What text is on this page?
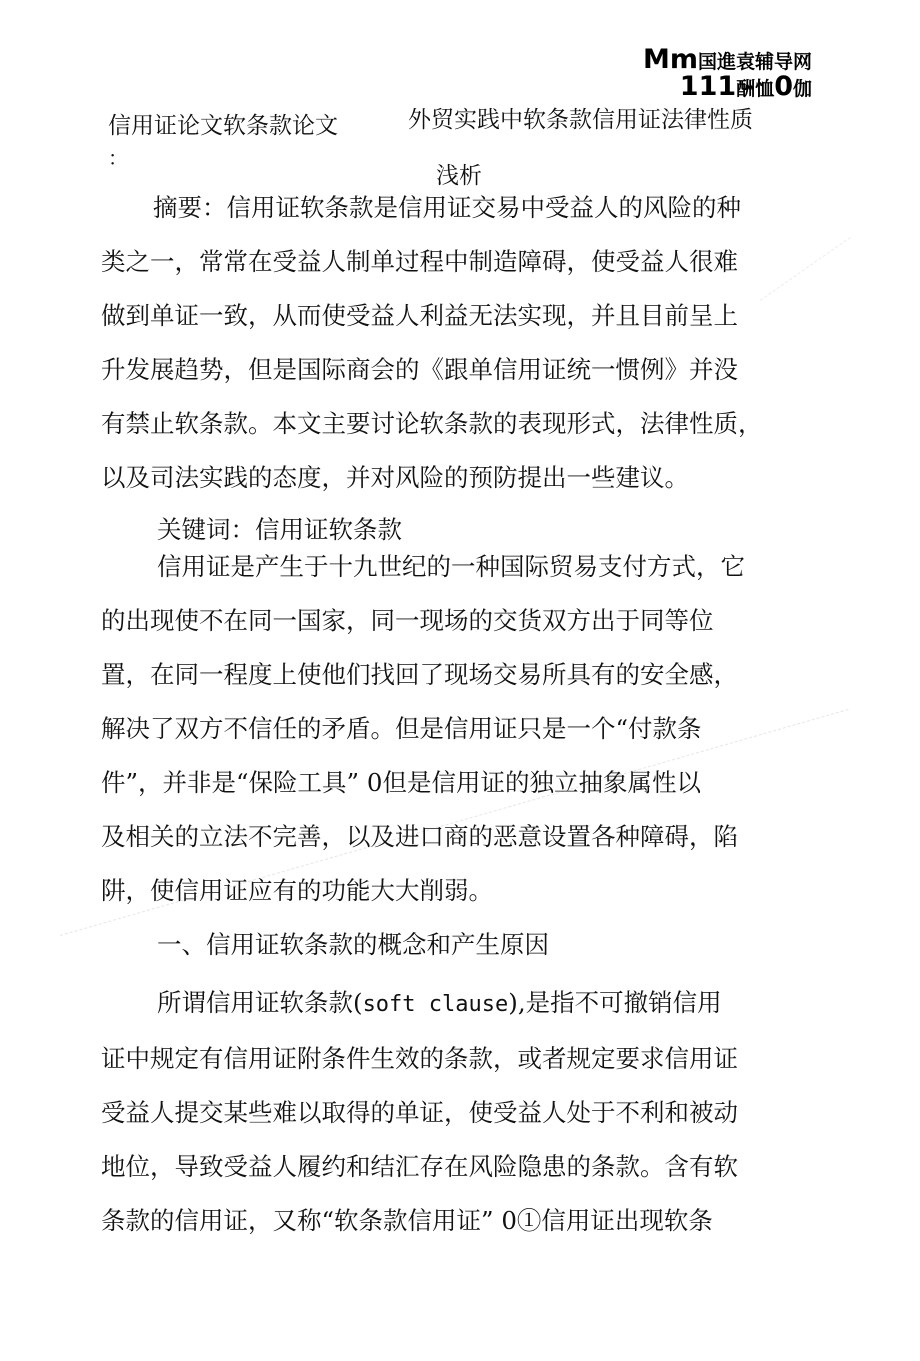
Mm国進袁辅导网
111酬恤0伽
信用证论文软条款论文
：
外贸实践中软条款信用证法律性质
浅析
摘要：信用证软条款是信用证交易中受益人的风险的种
类之一，常常在受益人制单过程中制造障碍，使受益人很难
做到单证一致，从而使受益人利益无法实现，并且目前呈上
升发展趋势，但是国际商会的《跟单信用证统一惯例》并没
有禁止软条款。本文主要讨论软条款的表现形式，法律性质，
以及司法实践的态度，并对风险的预防提出一些建议。
关键词：信用证软条款
信用证是产生于十九世纪的一种国际贸易支付方式，它
的出现使不在同一国家，同一现场的交货双方出于同等位
置，在同一程度上使他们找回了现场交易所具有的安全感，
解决了双方不信任的矛盾。但是信用证只是一个“付款条
件”，并非是“保险工具” 0但是信用证的独立抽象属性以
及相关的立法不完善，以及进口商的恶意设置各种障碍，陷
阱，使信用证应有的功能大大削弱。
一、信用证软条款的概念和产生原因
所谓信用证软条款(soft clause),是指不可撤销信用
证中规定有信用证附条件生效的条款，或者规定要求信用证
受益人提交某些难以取得的单证，使受益人处于不利和被动
地位，导致受益人履约和结汇存在风险隐患的条款。含有软
条款的信用证，又称“软条款信用证” 0①信用证出现软条
